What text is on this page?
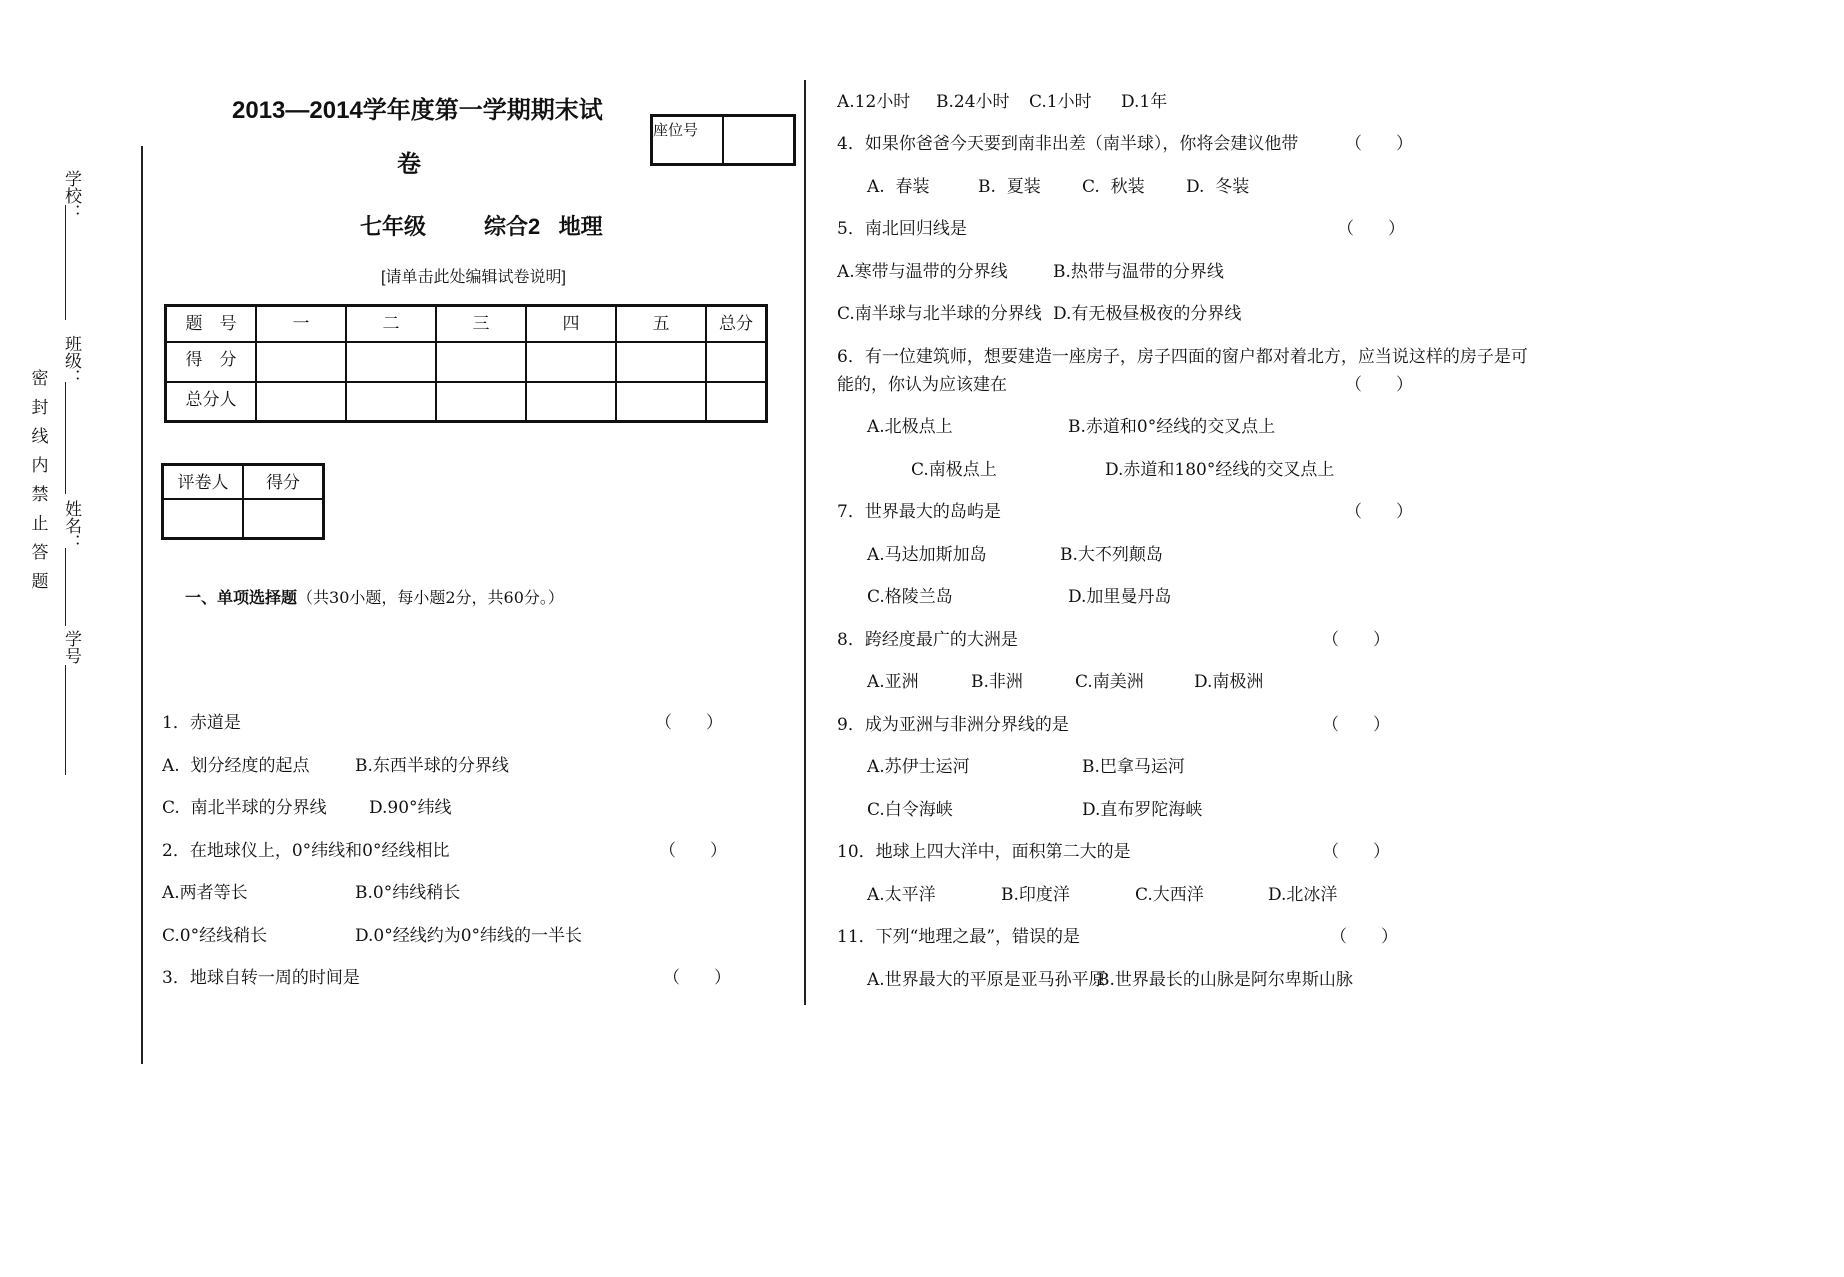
学校：
班级：
姓名：
学号
密
封
线
内
禁
止
答
题
2013—2014学年度第一学期期末试
卷
七年级	综合2   地理
[请单击此处编辑试卷说明]
座位号
题　号	一	二	三	四	五	总分
得　分						
总分人						
评卷人	得分

一、单项选择题（共30小题，每小题2分，共60分。）
1．赤道是	（　　）
A.  划分经度的起点	B.东西半球的分界线
C.  南北半球的分界线 D.90°纬线
2．在地球仪上，0°纬线和0°经线相比	（　　）
A.两者等长	B.0°纬线稍长
C.0°经线稍长	D.0°经线约为0°纬线的一半长
3．地球自转一周的时间是	（　　）
A.12小时 B.24小时 C.1小时 D.1年
4．如果你爸爸今天要到南非出差（南半球），你将会建议他带	（　　）
A.  春装	B.  夏装 C.  秋装 D.  冬装
5．南北回归线是	（　　）
A.寒带与温带的分界线	B.热带与温带的分界线
C.南半球与北半球的分界线 D.有无极昼极夜的分界线
6．有一位建筑师，想要建造一座房子，房子四面的窗户都对着北方，应当说这样的房子是可
能的，你认为应该建在	（　　）
A.北极点上	B.赤道和0°经线的交叉点上
C.南极点上	D.赤道和180°经线的交叉点上
7．世界最大的岛屿是	（　　）
A.马达加斯加岛	B.大不列颠岛
C.格陵兰岛	D.加里曼丹岛
8．跨经度最广的大洲是	（　　）
A.亚洲	B.非洲	C.南美洲	D.南极洲
9．成为亚洲与非洲分界线的是	（　　）
A.苏伊士运河	B.巴拿马运河
C.白令海峡	D.直布罗陀海峡
10．地球上四大洋中，面积第二大的是	（　　）
A.太平洋	B.印度洋	C.大西洋	D.北冰洋
11．下列“地理之最”，错误的是	（　　）
A.世界最大的平原是亚马孙平原
B.世界最长的山脉是阿尔卑斯山脉
